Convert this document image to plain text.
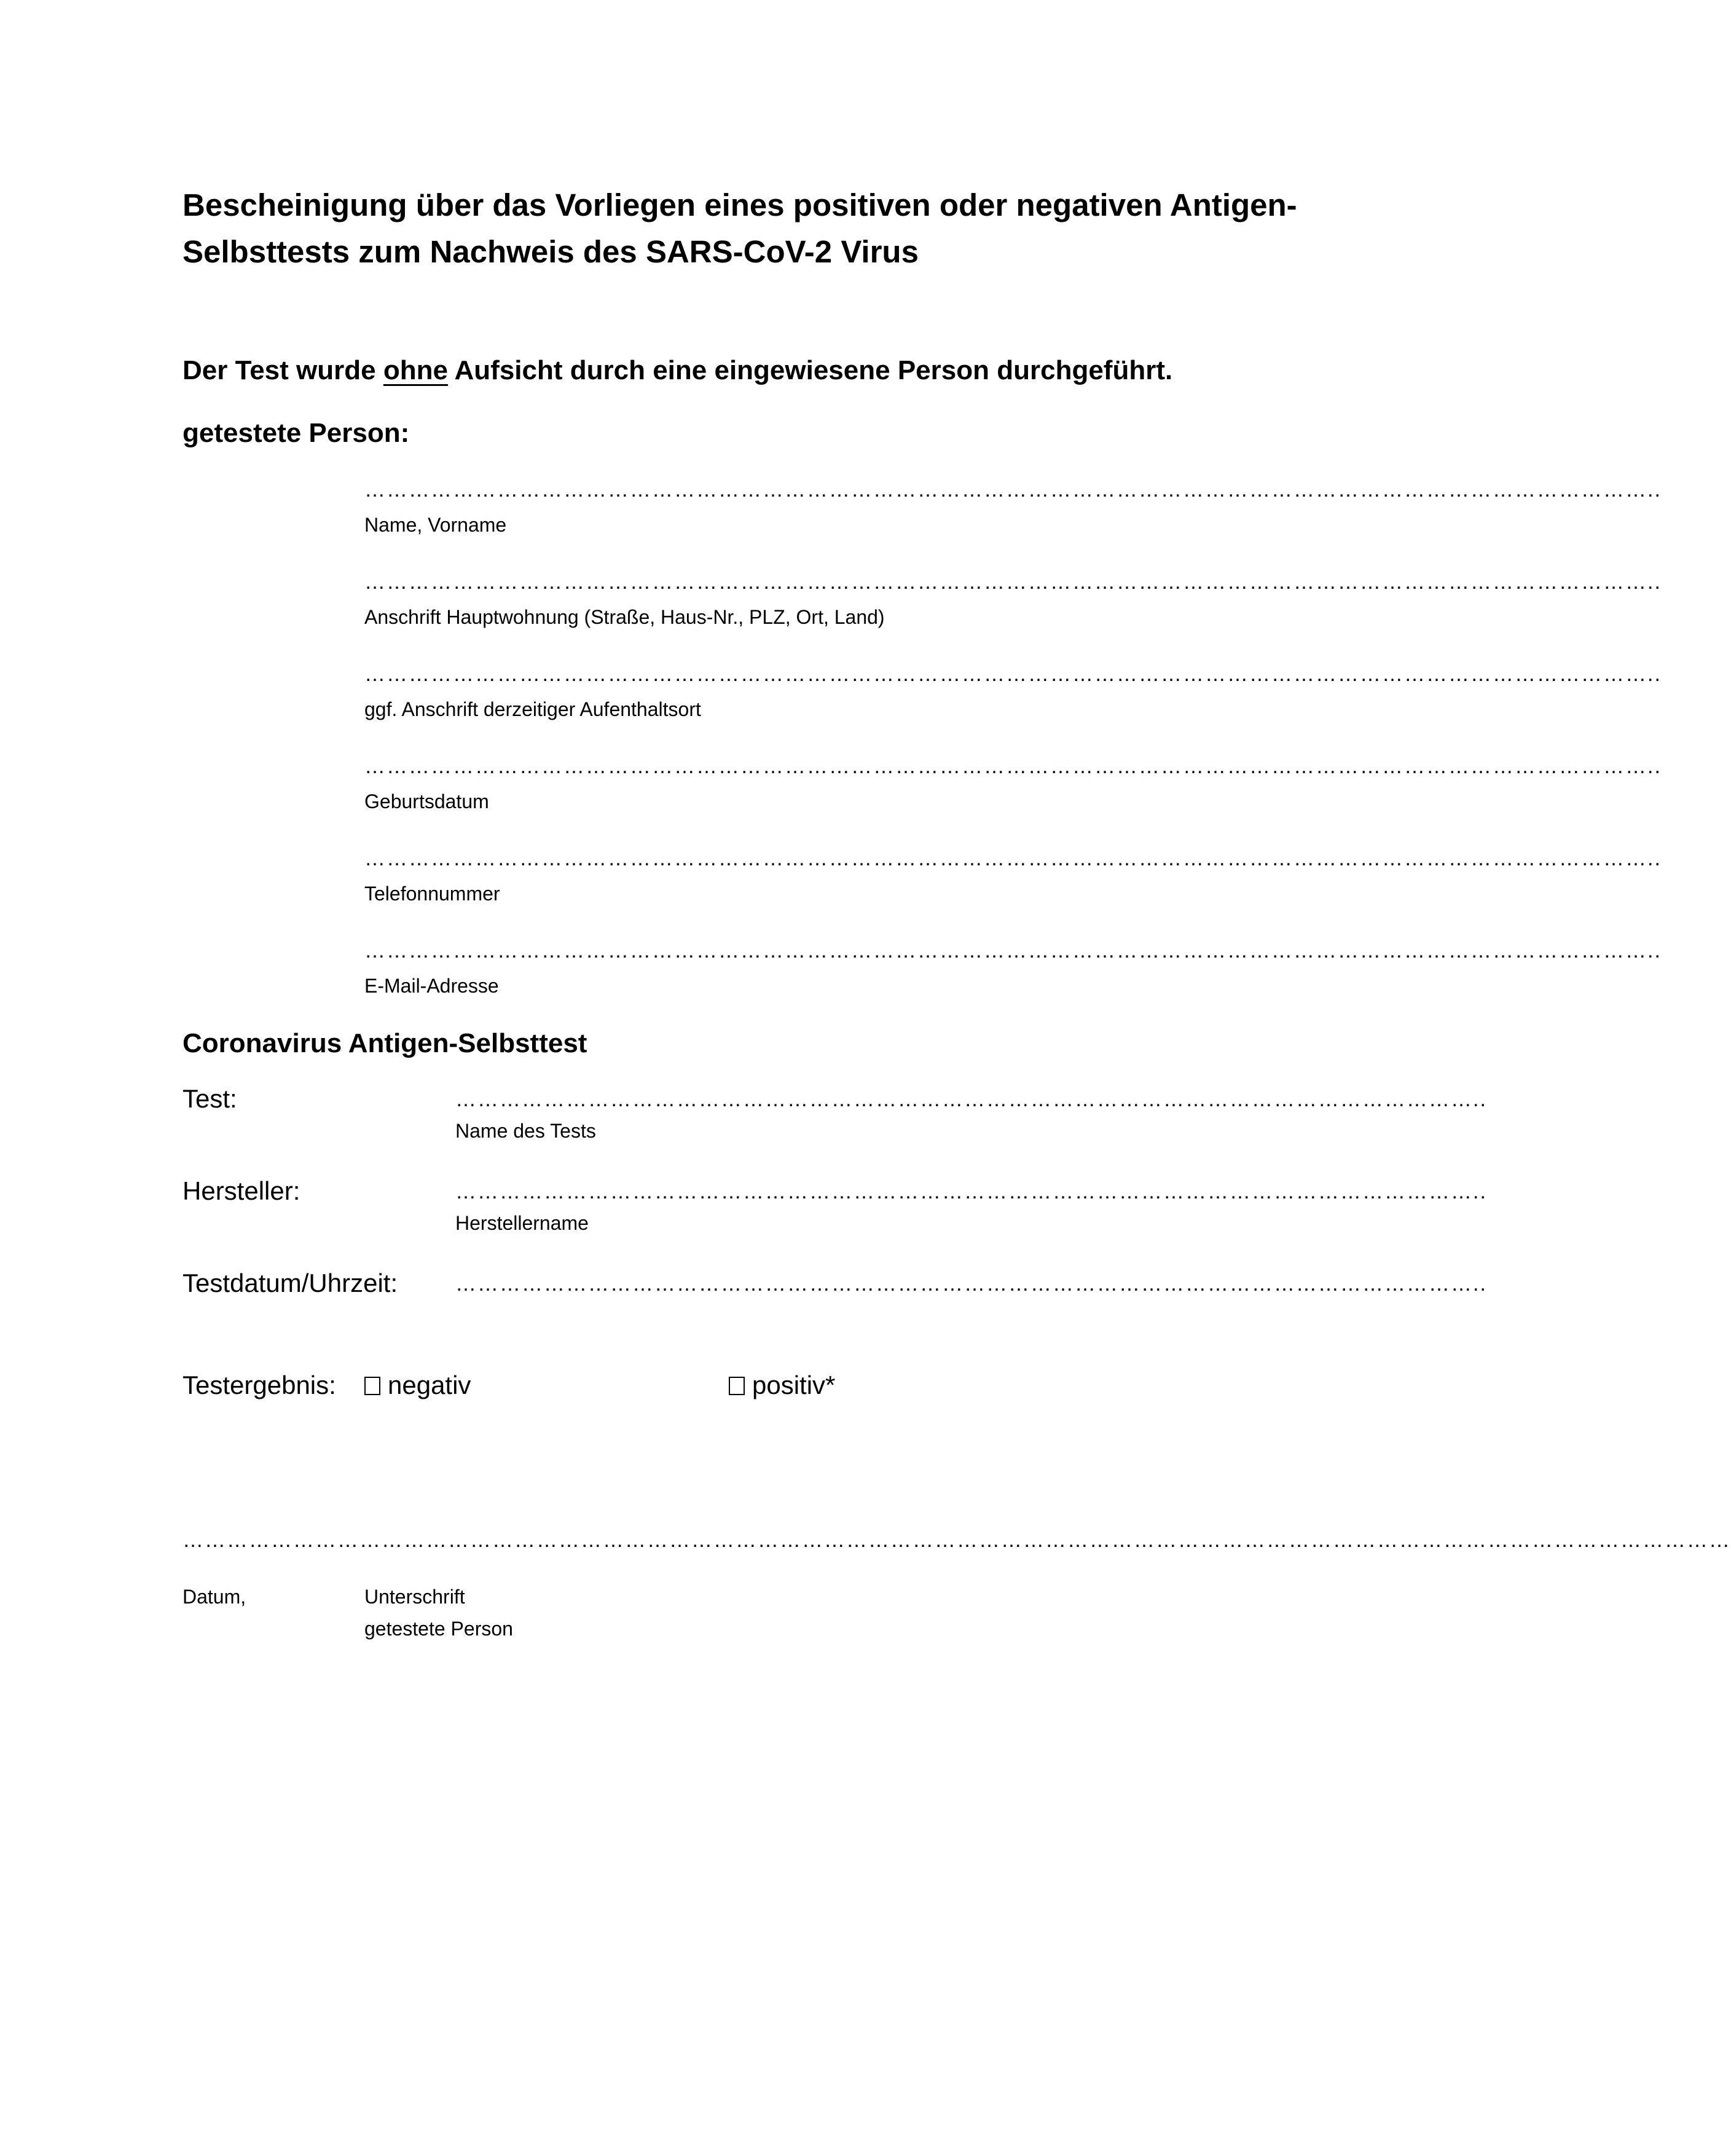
Bescheinigung über das Vorliegen eines positiven oder negativen Antigen-
Selbsttests zum Nachweis des SARS-CoV-2 Virus
Der Test wurde ohne Aufsicht durch eine eingewiesene Person durchgeführt.
getestete Person:
…………………………………………………………………………………………………………………………………………………………..
Name, Vorname
…………………………………………………………………………………………………………………………………………………………..
Anschrift Hauptwohnung (Straße, Haus-Nr., PLZ, Ort, Land)
…………………………………………………………………………………………………………………………………………………………..
ggf. Anschrift derzeitiger Aufenthaltsort
…………………………………………………………………………………………………………………………………………………………..
Geburtsdatum
…………………………………………………………………………………………………………………………………………………………..
Telefonnummer
…………………………………………………………………………………………………………………………………………………………..
E-Mail-Adresse
Coronavirus Antigen-Selbsttest
Test:	…………………………………………………………………………………………………………………………..
Name des Tests
Hersteller:	…………………………………………………………………………………………………………………………..
Herstellername
Testdatum/Uhrzeit:	…………………………………………………………………………………………………………………………..
Testergebnis:	negativ	positiv*
…………………………………………………………………………………………………………………………………………………………………………………………
Datum,	Unterschrift
getestete Person
